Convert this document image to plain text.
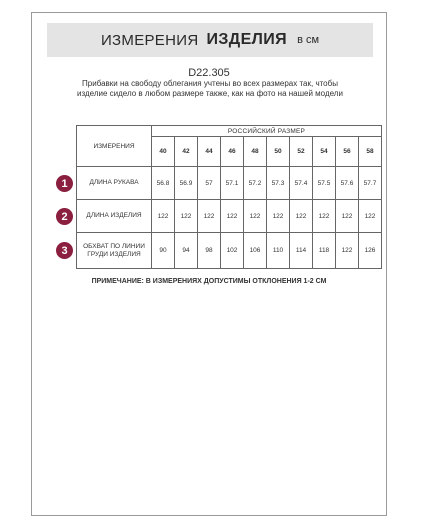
ИЗМЕРЕНИЯ ИЗДЕЛИЯ в см
D22.305
Прибавки на свободу облегания учтены во всех размерах так, чтобы изделие сидело в любом размере также, как на фото на нашей модели
ИЗМЕРЕНИЯ	РОССИЙСКИЙ РАЗМЕР									
	40	42	44	46	48	50	52	54	56	58
ДЛИНА РУКАВА	56.8	56.9	57	57.1	57.2	57.3	57.4	57.5	57.6	57.7
ДЛИНА ИЗДЕЛИЯ	122	122	122	122	122	122	122	122	122	122
ОБХВАТ ПО ЛИНИИ ГРУДИ ИЗДЕЛИЯ	90	94	98	102	106	110	114	118	122	126
1
2
3
ПРИМЕЧАНИЕ: В ИЗМЕРЕНИЯХ ДОПУСТИМЫ ОТКЛОНЕНИЯ 1-2 СМ
